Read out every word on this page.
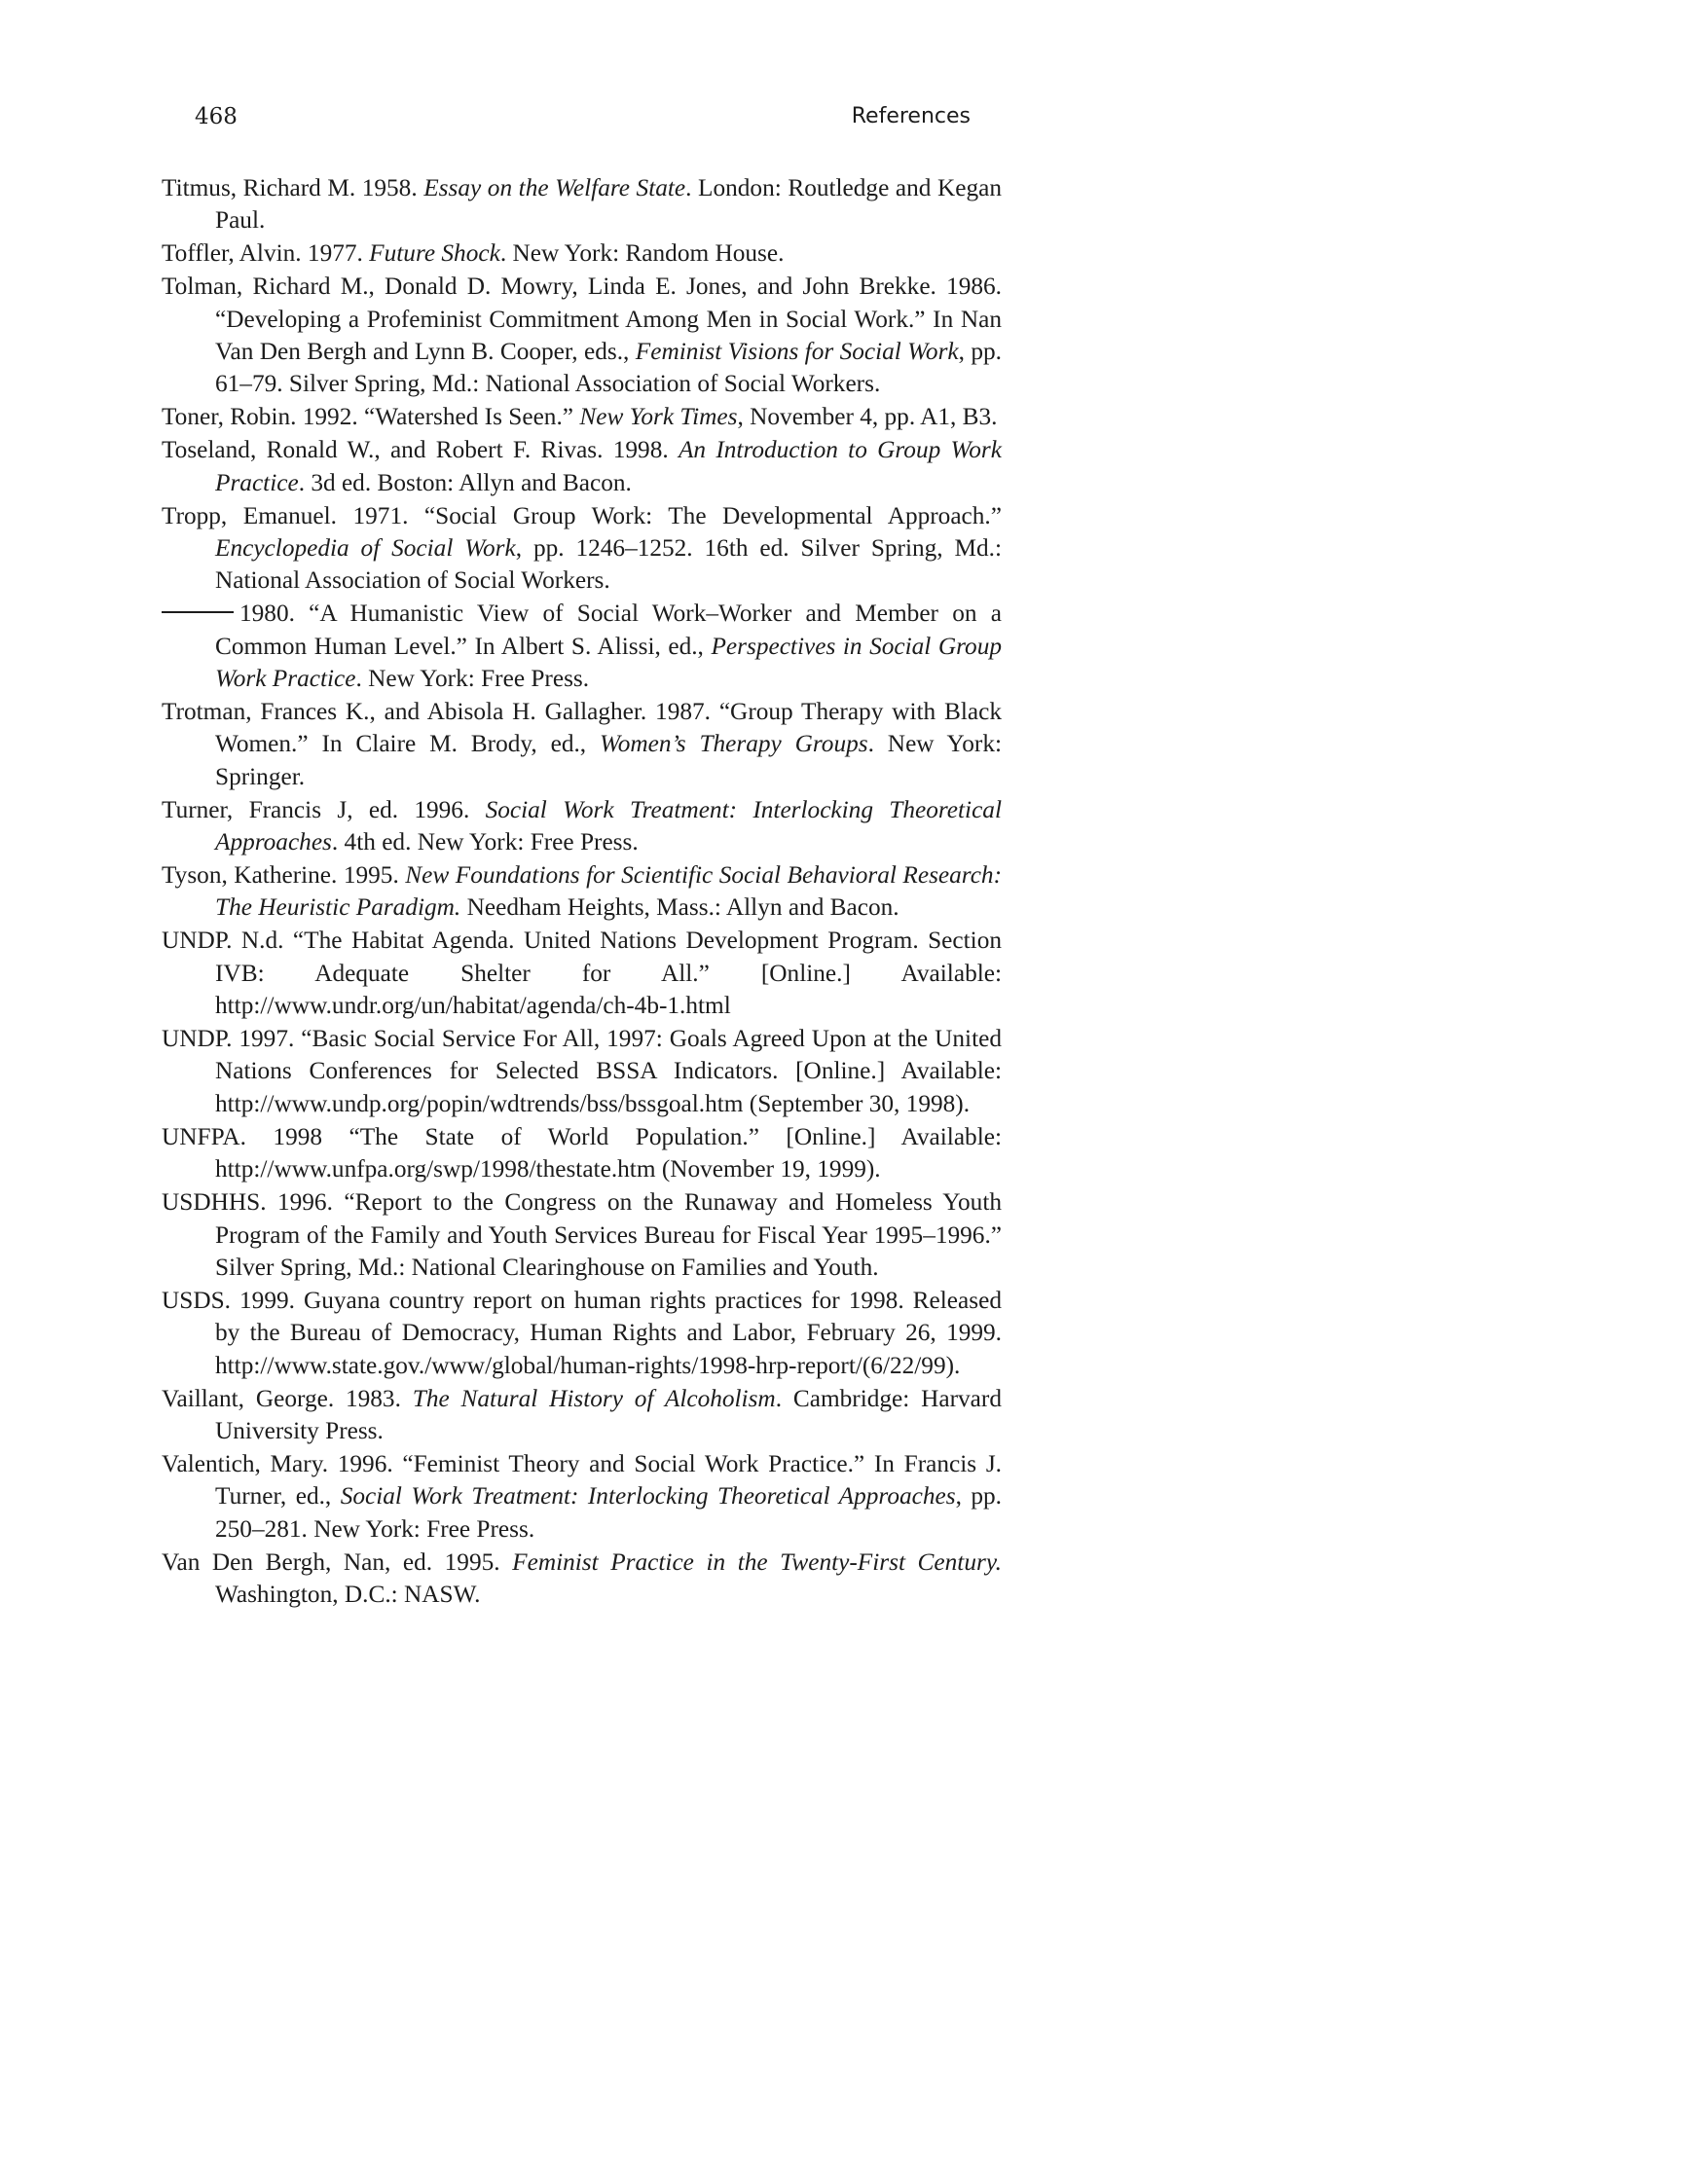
468	References
Titmus, Richard M. 1958. Essay on the Welfare State. London: Routledge and Kegan Paul.
Toffler, Alvin. 1977. Future Shock. New York: Random House.
Tolman, Richard M., Donald D. Mowry, Linda E. Jones, and John Brekke. 1986. “Developing a Profeminist Commitment Among Men in Social Work.” In Nan Van Den Bergh and Lynn B. Cooper, eds., Feminist Visions for Social Work, pp. 61–79. Silver Spring, Md.: National Association of Social Workers.
Toner, Robin. 1992. “Watershed Is Seen.” New York Times, November 4, pp. A1, B3.
Toseland, Ronald W., and Robert F. Rivas. 1998. An Introduction to Group Work Practice. 3d ed. Boston: Allyn and Bacon.
Tropp, Emanuel. 1971. “Social Group Work: The Developmental Approach.” Encyclopedia of Social Work, pp. 1246–1252. 16th ed. Silver Spring, Md.: National Association of Social Workers.
1980. “A Humanistic View of Social Work–Worker and Member on a Common Human Level.” In Albert S. Alissi, ed., Perspectives in Social Group Work Practice. New York: Free Press.
Trotman, Frances K., and Abisola H. Gallagher. 1987. “Group Therapy with Black Women.” In Claire M. Brody, ed., Women’s Therapy Groups. New York: Springer.
Turner, Francis J, ed. 1996. Social Work Treatment: Interlocking Theoretical Approaches. 4th ed. New York: Free Press.
Tyson, Katherine. 1995. New Foundations for Scientific Social Behavioral Research: The Heuristic Paradigm. Needham Heights, Mass.: Allyn and Bacon.
UNDP. N.d. “The Habitat Agenda. United Nations Development Program. Section IVB: Adequate Shelter for All.” [Online.] Available: http://www.undr.org/un/habitat/agenda/ch-4b-1.html
UNDP. 1997. “Basic Social Service For All, 1997: Goals Agreed Upon at the United Nations Conferences for Selected BSSA Indicators. [Online.] Available: http://www.undp.org/popin/wdtrends/bss/bssgoal.htm (September 30, 1998).
UNFPA. 1998 “The State of World Population.” [Online.] Available: http://www.unfpa.org/swp/1998/thestate.htm (November 19, 1999).
USDHHS. 1996. “Report to the Congress on the Runaway and Homeless Youth Program of the Family and Youth Services Bureau for Fiscal Year 1995–1996.” Silver Spring, Md.: National Clearinghouse on Families and Youth.
USDS. 1999. Guyana country report on human rights practices for 1998. Released by the Bureau of Democracy, Human Rights and Labor, February 26, 1999. http://www.state.gov./www/global/human-rights/1998-hrp-report/(6/22/99).
Vaillant, George. 1983. The Natural History of Alcoholism. Cambridge: Harvard University Press.
Valentich, Mary. 1996. “Feminist Theory and Social Work Practice.” In Francis J. Turner, ed., Social Work Treatment: Interlocking Theoretical Approaches, pp. 250–281. New York: Free Press.
Van Den Bergh, Nan, ed. 1995. Feminist Practice in the Twenty-First Century. Washington, D.C.: NASW.
